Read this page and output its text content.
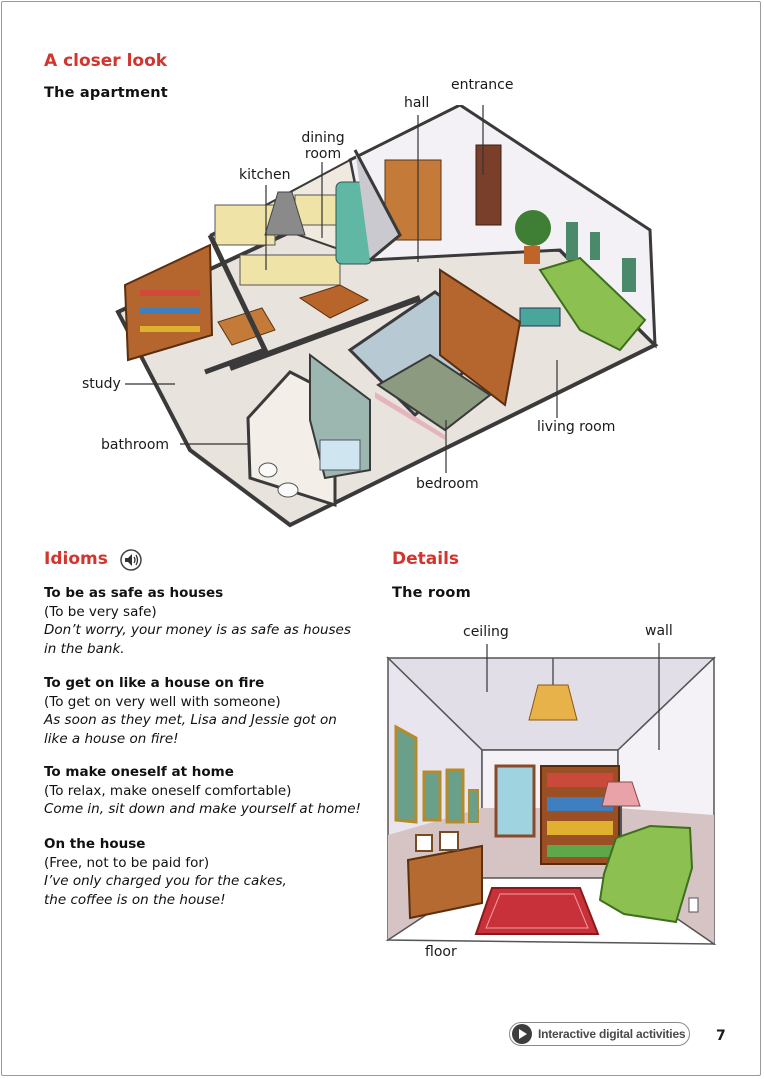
A closer look
The apartment	entrance
hall
dining
room
kitchen
study
bathroom
living room
bedroom
Idioms
To be as safe as houses
(To be very safe)
Don’t worry, your money is as safe as houses
in the bank.
To get on like a house on fire
(To get on very well with someone)
As soon as they met, Lisa and Jessie got on
like a house on fire!
To make oneself at home
(To relax, make oneself comfortable)
Come in, sit down and make yourself at home!
On the house
(Free, not to be paid for)
I’ve only charged you for the cakes,
the coffee is on the house!
Details
The room
ceiling	wall
floor
Interactive digital activities 7
